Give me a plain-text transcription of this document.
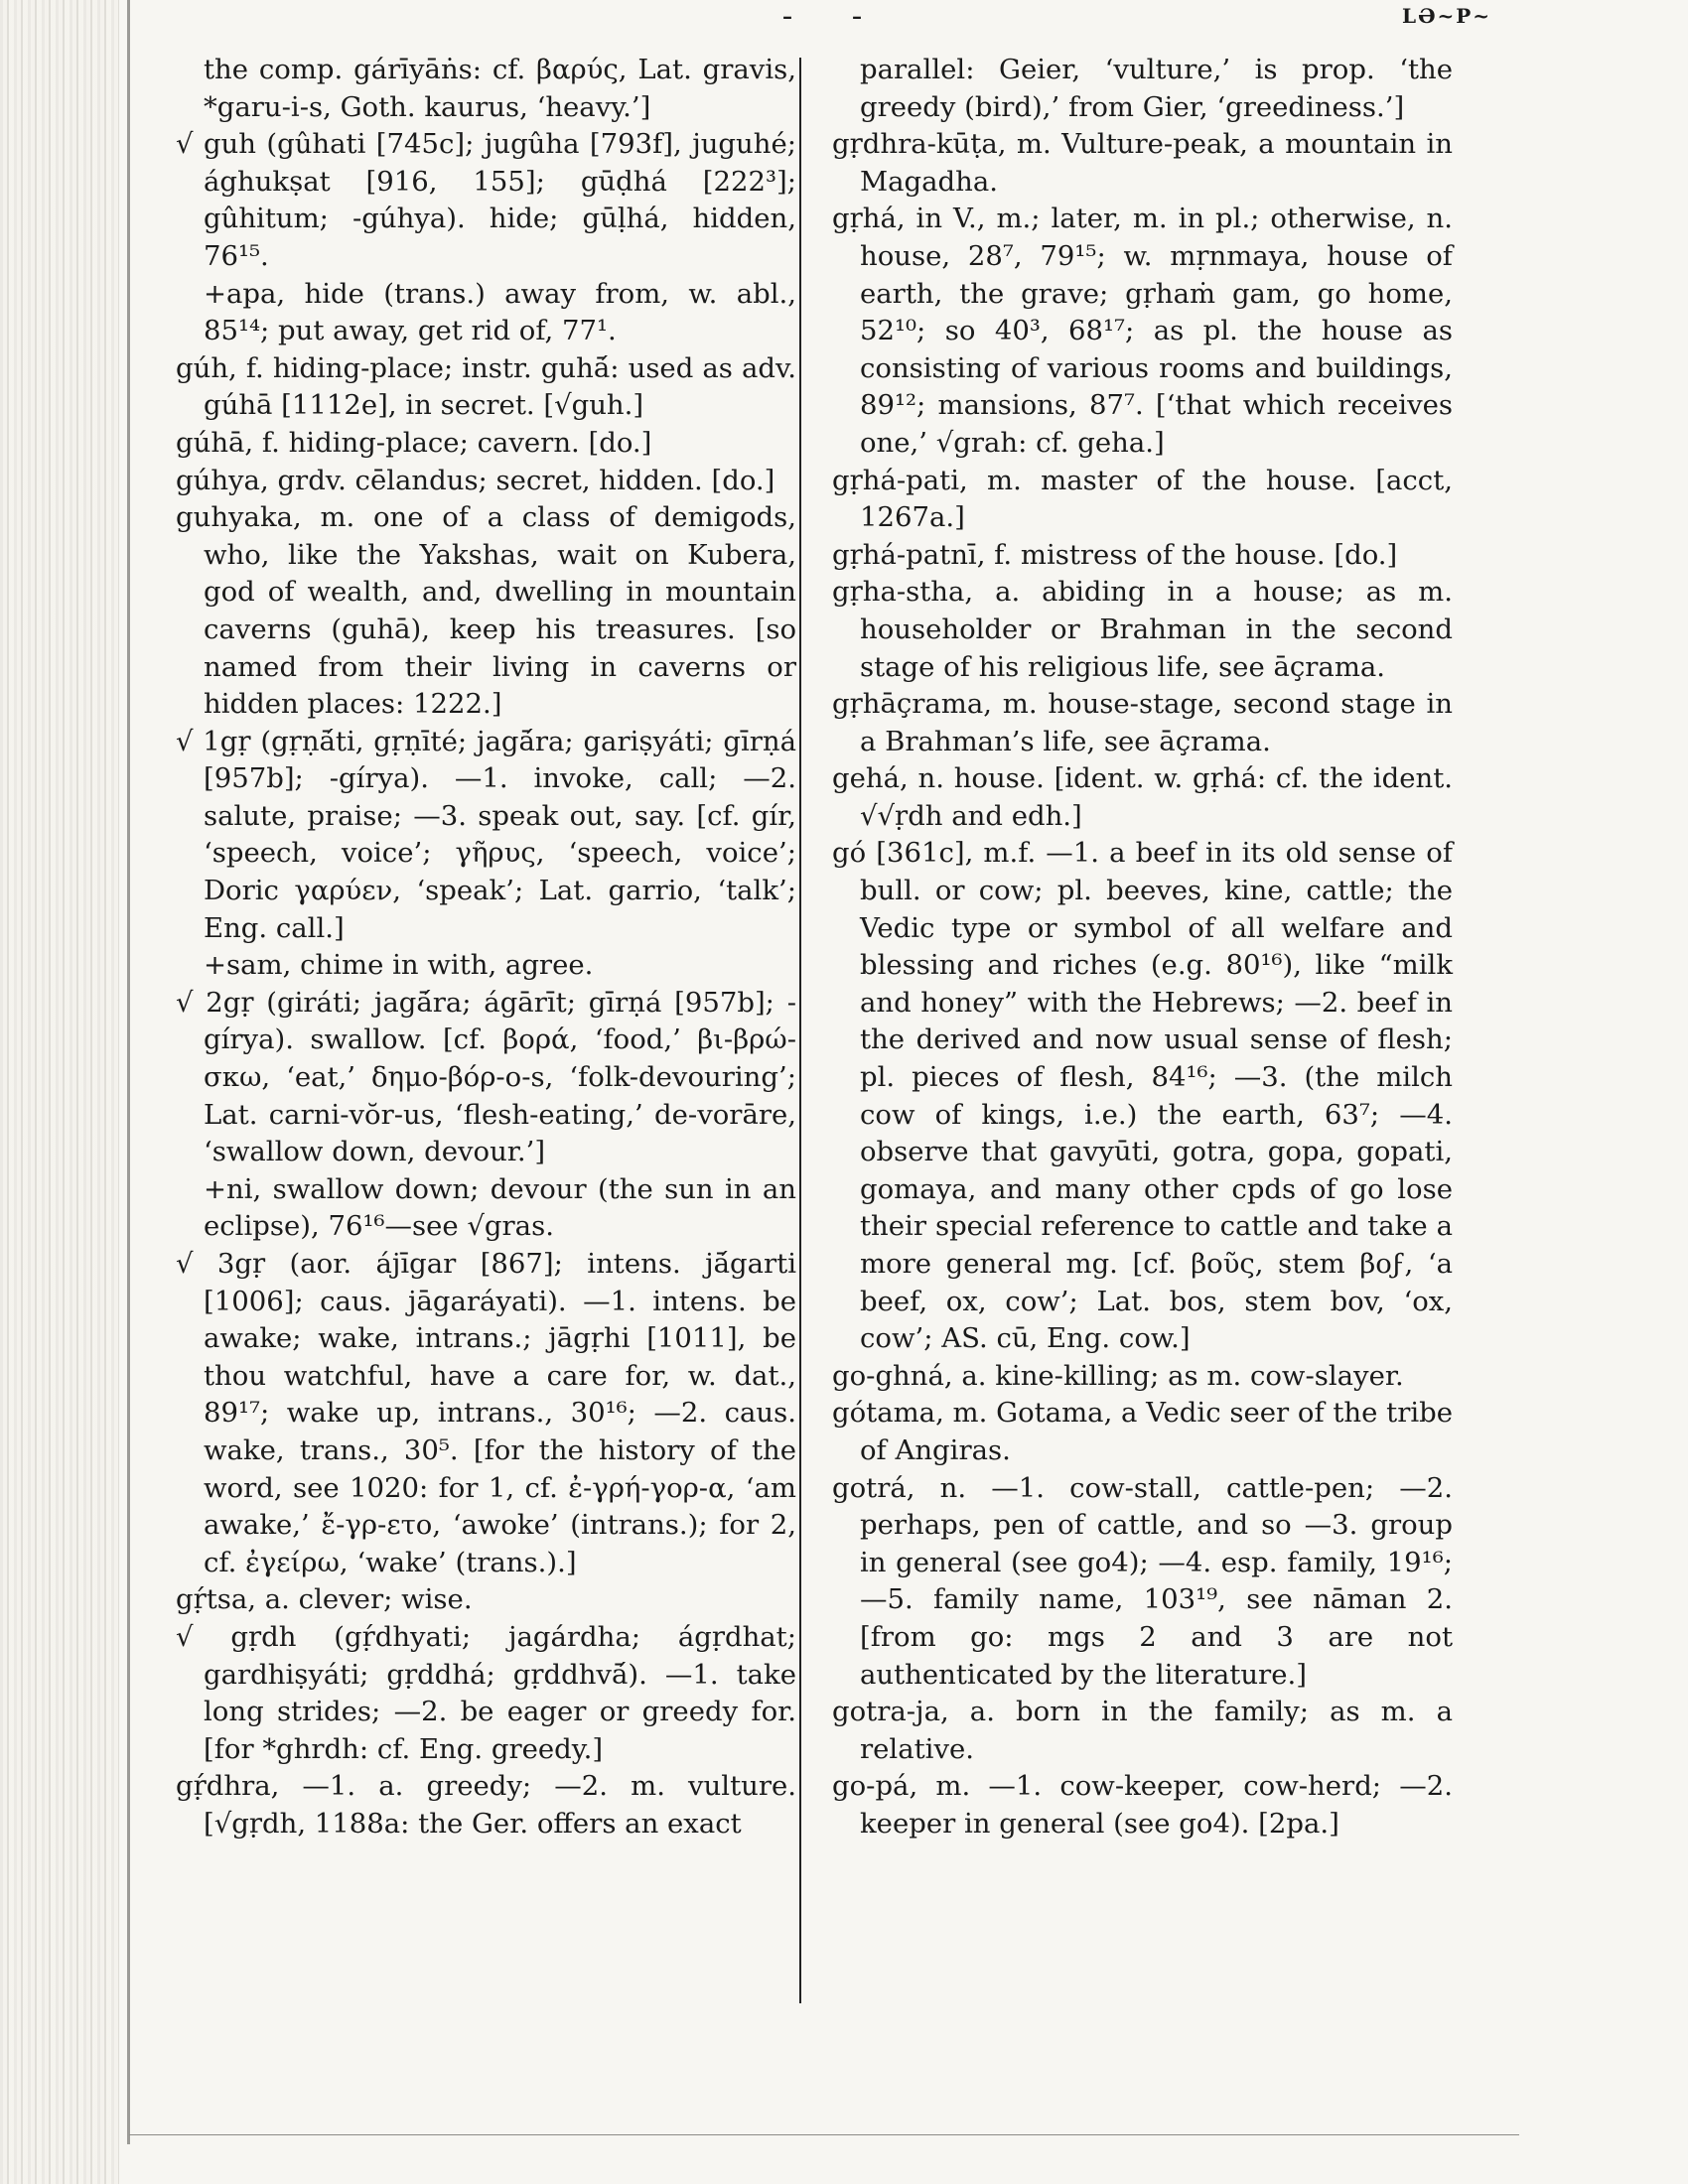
–	–	LƏ~P~

the comp. gárīyāṅs: cf. βαρύς, Lat. gravis, *garu-i-s, Goth. kaurus, ‘heavy.’]

√ guh (gûhati [745c]; jugûha [793f], juguhé; ághukṣat [916, 155]; gūḍhá [222³]; gûhitum; -gúhya). hide; gūḷhá, hidden, 76¹⁵.

+apa, hide (trans.) away from, w. abl., 85¹⁴; put away, get rid of, 77¹.

gúh, f. hiding-place; instr. guhā́: used as adv. gúhā [1112e], in secret. [√guh.]

gúhā, f. hiding-place; cavern. [do.]

gúhya, grdv. cēlandus; secret, hidden. [do.]

guhyaka, m. one of a class of demigods, who, like the Yakshas, wait on Kubera, god of wealth, and, dwelling in mountain caverns (guhā), keep his treasures. [so named from their living in caverns or hidden places: 1222.]

√ 1gṛ (gṛṇā́ti, gṛṇīté; jagā́ra; gariṣyáti; gīrṇá [957b]; -gírya). —1. invoke, call; —2. salute, praise; —3. speak out, say. [cf. gír, ‘speech, voice’; γῆρυς, ‘speech, voice’; Doric γαρύεν, ‘speak’; Lat. garrio, ‘talk’; Eng. call.]

+sam, chime in with, agree.

√ 2gṛ (giráti; jagā́ra; ágārīt; gīrṇá [957b]; -gírya). swallow. [cf. βορά, ‘food,’ βι-βρώ-σκω, ‘eat,’ δημο-βόρ-ο-s, ‘folk-devouring’; Lat. carni-vŏr-us, ‘flesh-eating,’ de-vorāre, ‘swallow down, devour.’]

+ni, swallow down; devour (the sun in an eclipse), 76¹⁶—see √gras.

√ 3gṛ (aor. ájīgar [867]; intens. jā́garti [1006]; caus. jāgaráyati). —1. intens. be awake; wake, intrans.; jāgṛhi [1011], be thou watchful, have a care for, w. dat., 89¹⁷; wake up, intrans., 30¹⁶; —2. caus. wake, trans., 30⁵. [for the history of the word, see 1020: for 1, cf. ἐ-γρή-γορ-α, ‘am awake,’ ἔ-γρ-ετο, ‘awoke’ (intrans.); for 2, cf. ἐγείρω, ‘wake’ (trans.).]

gṛ́tsa, a. clever; wise.

√ gṛdh (gṛ́dhyati; jagárdha; ágṛdhat; gardhiṣyáti; gṛddhá; gṛddhvā́). —1. take long strides; —2. be eager or greedy for. [for *ghrdh: cf. Eng. greedy.]

gṛ́dhra, —1. a. greedy; —2. m. vulture. [√gṛdh, 1188a: the Ger. offers an exact

parallel: Geier, ‘vulture,’ is prop. ‘the greedy (bird),’ from Gier, ‘greediness.’]

gṛdhra-kūṭa, m. Vulture-peak, a mountain in Magadha.

gṛhá, in V., m.; later, m. in pl.; otherwise, n. house, 28⁷, 79¹⁵; w. mṛnmaya, house of earth, the grave; gṛhaṁ gam, go home, 52¹⁰; so 40³, 68¹⁷; as pl. the house as consisting of various rooms and buildings, 89¹²; mansions, 87⁷. [‘that which receives one,’ √grah: cf. geha.]

gṛhá-pati, m. master of the house. [acct, 1267a.]

gṛhá-patnī, f. mistress of the house. [do.]

gṛha-stha, a. abiding in a house; as m. householder or Brahman in the second stage of his religious life, see āçrama.

gṛhāçrama, m. house-stage, second stage in a Brahman’s life, see āçrama.

gehá, n. house. [ident. w. gṛhá: cf. the ident. √√ṛdh and edh.]

gó [361c], m.f. —1. a beef in its old sense of bull. or cow; pl. beeves, kine, cattle; the Vedic type or symbol of all welfare and blessing and riches (e.g. 80¹⁶), like “milk and honey” with the Hebrews; —2. beef in the derived and now usual sense of flesh; pl. pieces of flesh, 84¹⁶; —3. (the milch cow of kings, i.e.) the earth, 63⁷; —4. observe that gavyūti, gotra, gopa, gopati, gomaya, and many other cpds of go lose their special reference to cattle and take a more general mg. [cf. βοῦς, stem βoϝ, ‘a beef, ox, cow’; Lat. bos, stem bov, ‘ox, cow’; AS. cū, Eng. cow.]

go-ghná, a. kine-killing; as m. cow-slayer.

gótama, m. Gotama, a Vedic seer of the tribe of Angiras.

gotrá, n. —1. cow-stall, cattle-pen; —2. perhaps, pen of cattle, and so —3. group in general (see go4); —4. esp. family, 19¹⁶; —5. family name, 103¹⁹, see nāman 2. [from go: mgs 2 and 3 are not authenticated by the literature.]

gotra-ja, a. born in the family; as m. a relative.

go-pá, m. —1. cow-keeper, cow-herd; —2. keeper in general (see go4). [2pa.]
